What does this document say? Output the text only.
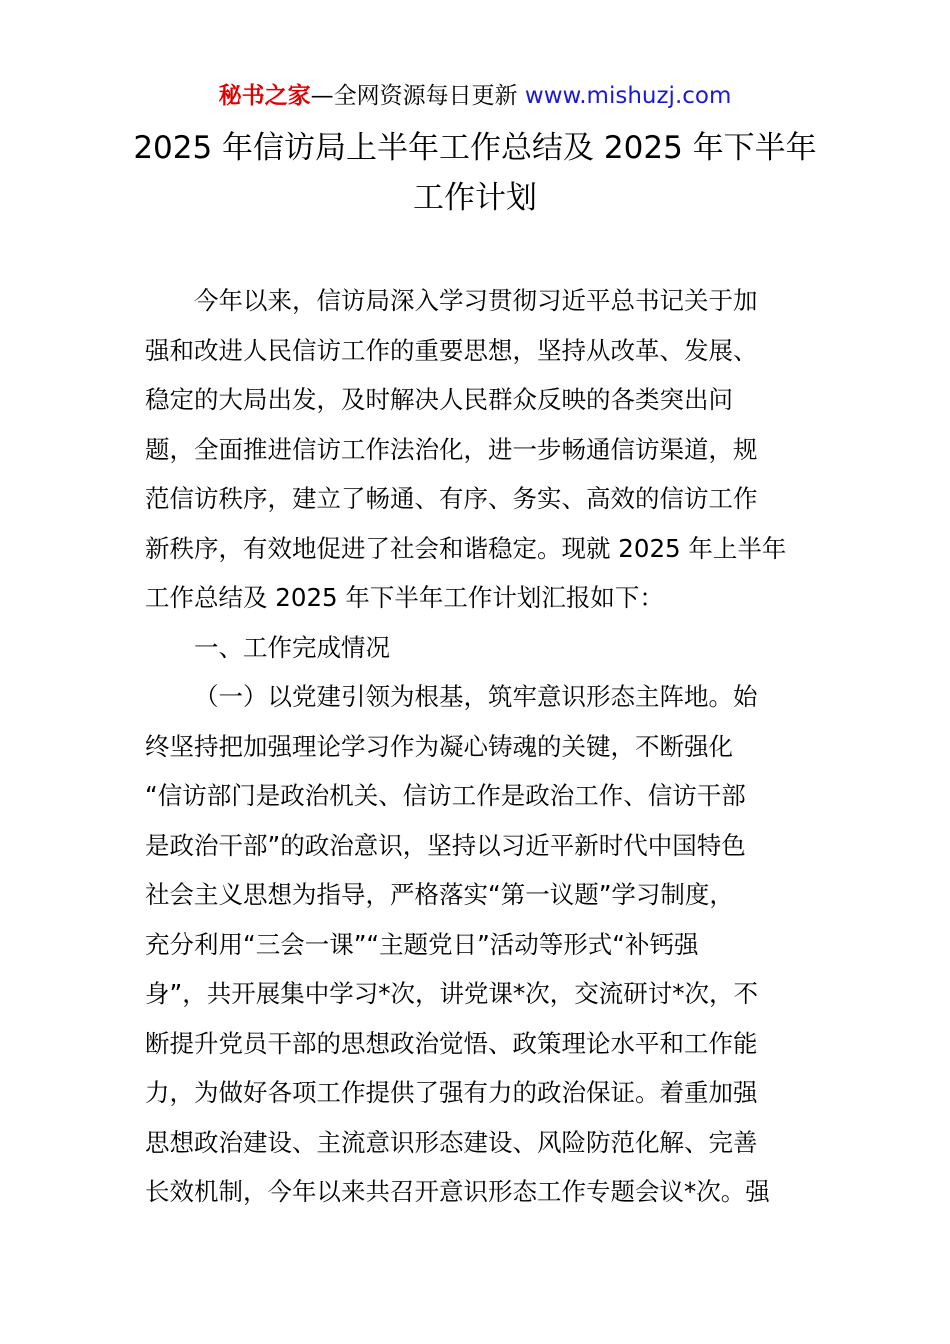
秘书之家—全网资源每日更新 www.mishuzj.com
2025 年信访局上半年工作总结及 2025 年下半年
工作计划
今年以来，信访局深入学习贯彻习近平总书记关于加
强和改进人民信访工作的重要思想，坚持从改革、发展、
稳定的大局出发，及时解决人民群众反映的各类突出问
题，全面推进信访工作法治化，进一步畅通信访渠道，规
范信访秩序，建立了畅通、有序、务实、高效的信访工作
新秩序，有效地促进了社会和谐稳定。现就 2025 年上半年
工作总结及 2025 年下半年工作计划汇报如下：
一、工作完成情况
（一）以党建引领为根基，筑牢意识形态主阵地。始
终坚持把加强理论学习作为凝心铸魂的关键，不断强化
“信访部门是政治机关、信访工作是政治工作、信访干部
是政治干部”的政治意识，坚持以习近平新时代中国特色
社会主义思想为指导，严格落实“第一议题”学习制度，
充分利用“三会一课”“主题党日”活动等形式“补钙强
身”，共开展集中学习*次，讲党课*次，交流研讨*次，不
断提升党员干部的思想政治觉悟、政策理论水平和工作能
力，为做好各项工作提供了强有力的政治保证。着重加强
思想政治建设、主流意识形态建设、风险防范化解、完善
长效机制，今年以来共召开意识形态工作专题会议*次。强
